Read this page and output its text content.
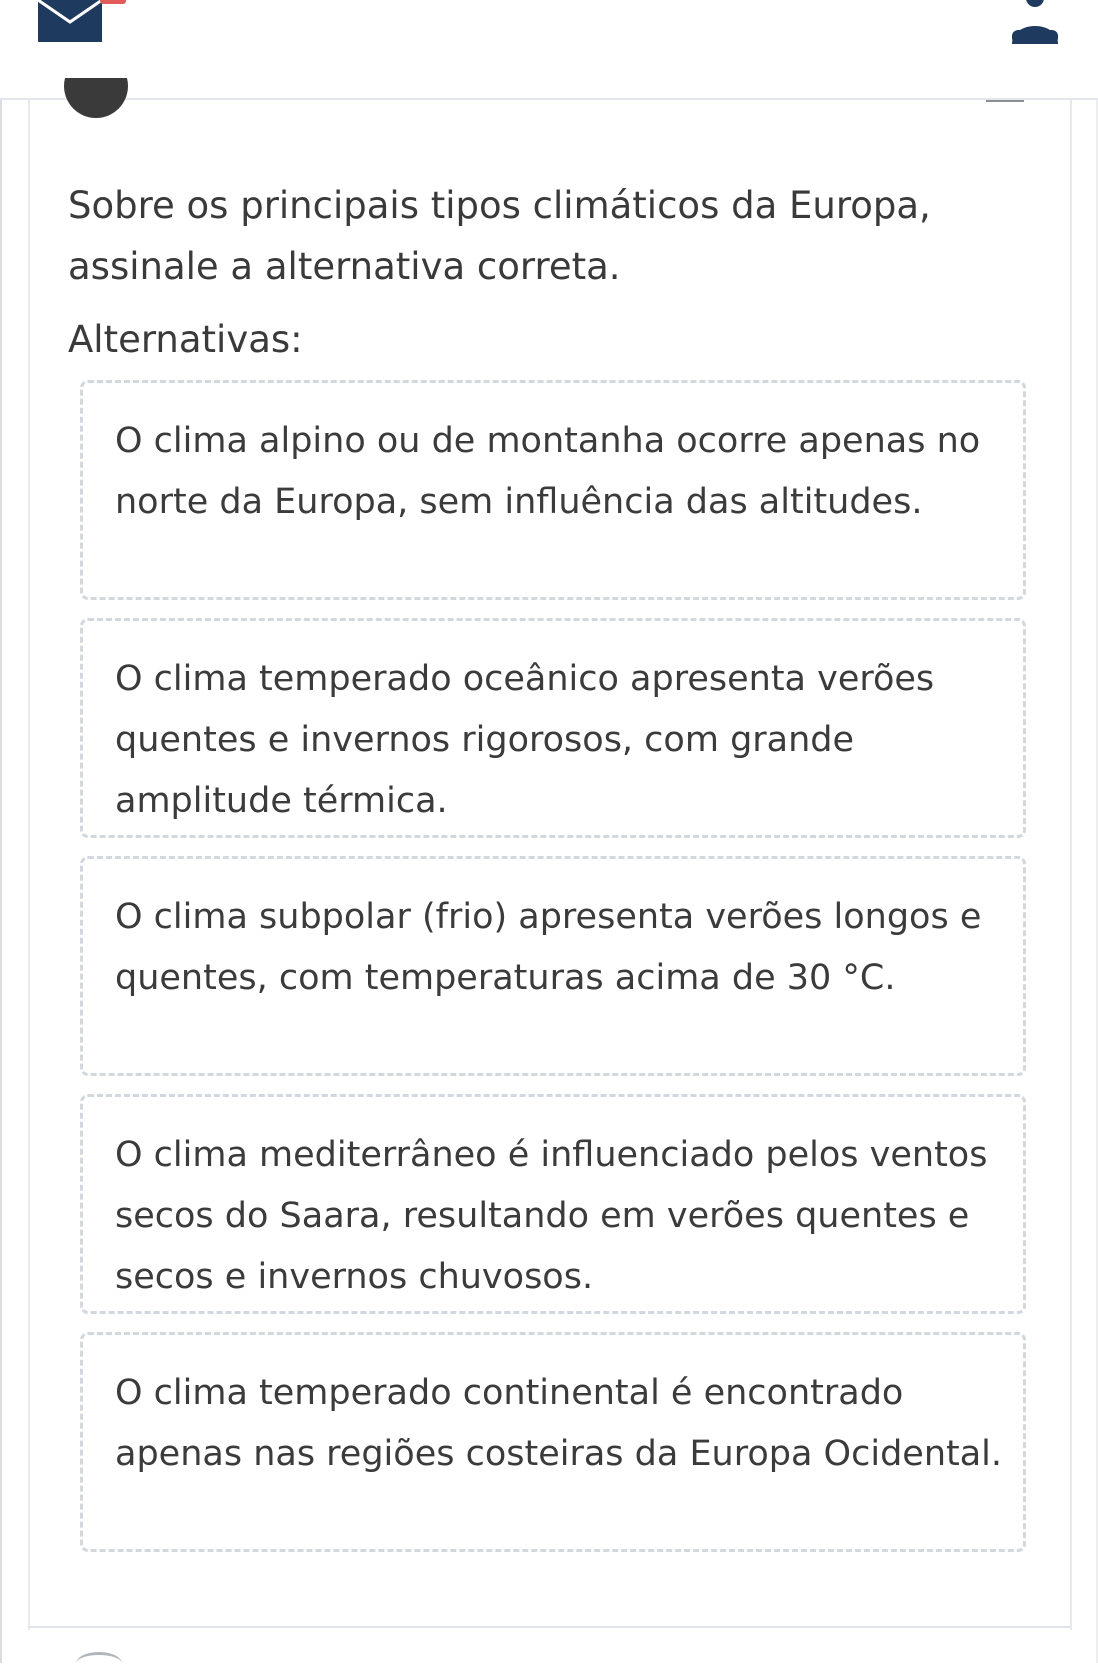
Sobre os principais tipos climáticos da Europa, assinale a alternativa correta.

Alternativas:
O clima alpino ou de montanha ocorre apenas no norte da Europa, sem influência das altitudes.
O clima temperado oceânico apresenta verões quentes e invernos rigorosos, com grande amplitude térmica.
O clima subpolar (frio) apresenta verões longos e quentes, com temperaturas acima de 30 °C.
O clima mediterrâneo é influenciado pelos ventos secos do Saara, resultando em verões quentes e secos e invernos chuvosos.
O clima temperado continental é encontrado apenas nas regiões costeiras da Europa Ocidental.
